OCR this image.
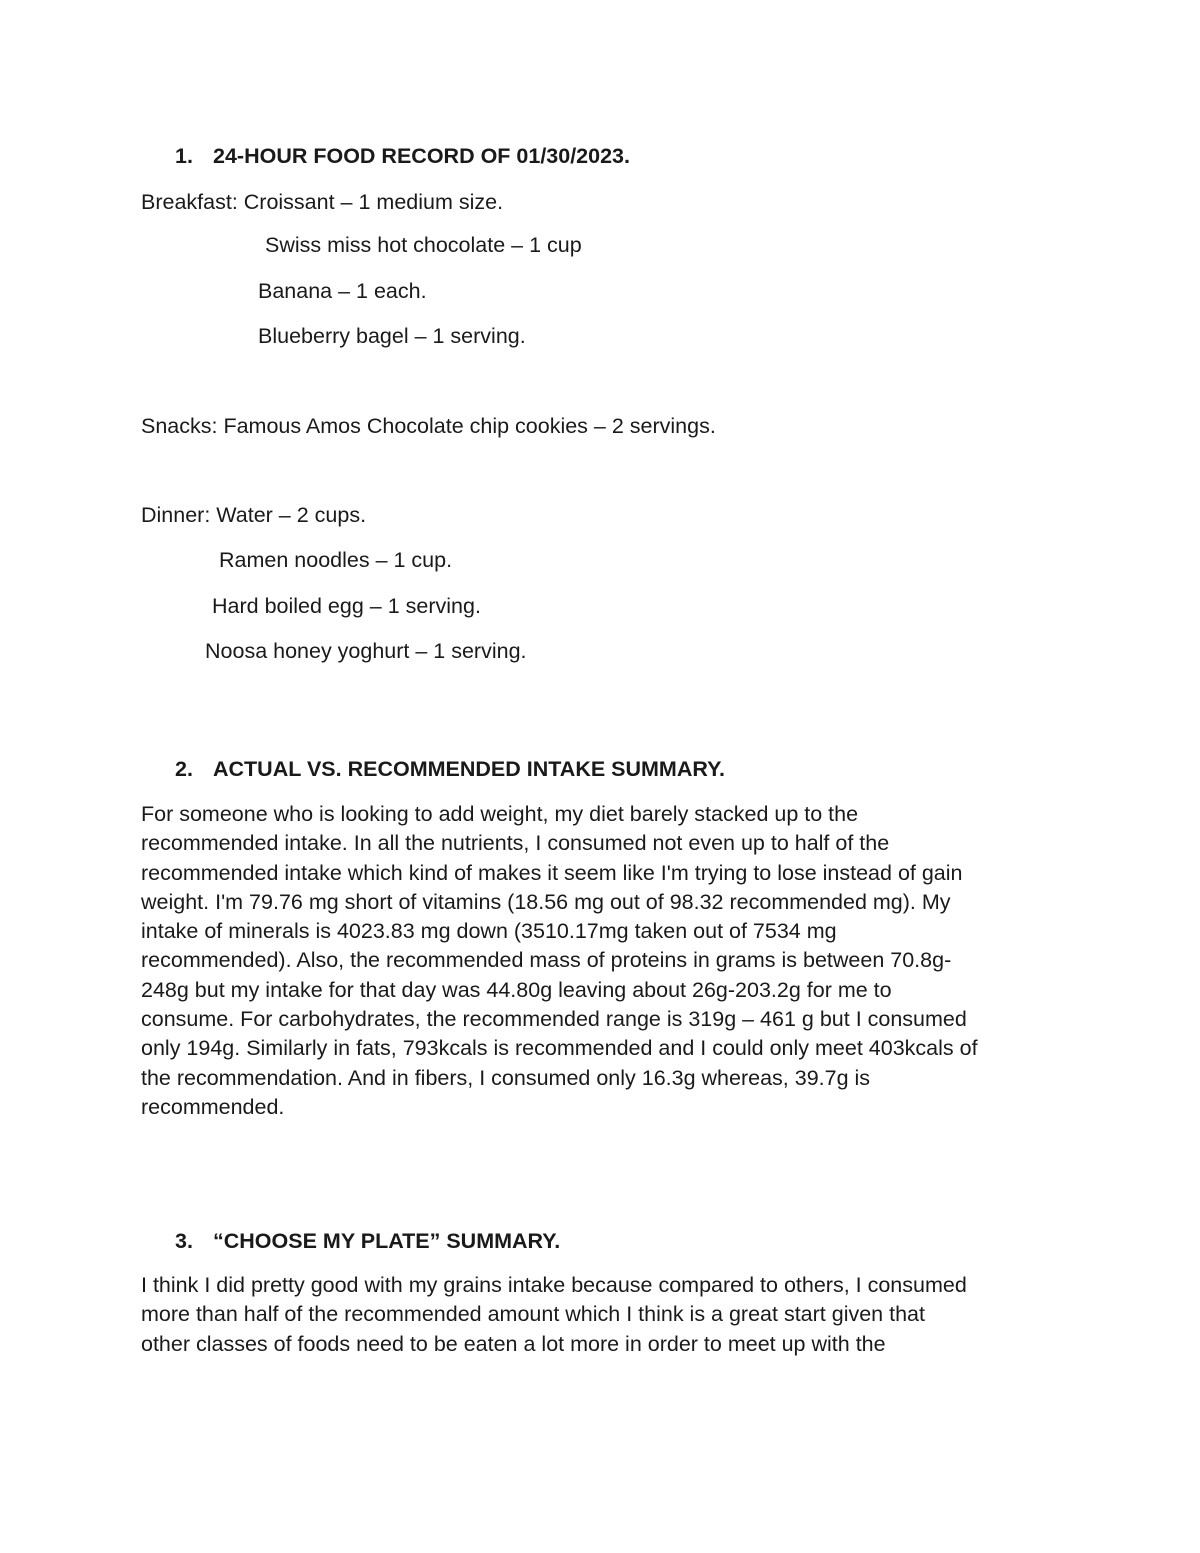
1. 24-HOUR FOOD RECORD OF 01/30/2023.
Breakfast: Croissant – 1 medium size.
Swiss miss hot chocolate – 1 cup
Banana – 1 each.
Blueberry bagel – 1 serving.
Snacks: Famous Amos Chocolate chip cookies – 2 servings.
Dinner: Water – 2 cups.
Ramen noodles – 1 cup.
Hard boiled egg – 1 serving.
Noosa honey yoghurt – 1 serving.
2. ACTUAL VS. RECOMMENDED INTAKE SUMMARY.
For someone who is looking to add weight, my diet barely stacked up to the
recommended intake. In all the nutrients, I consumed not even up to half of the
recommended intake which kind of makes it seem like I'm trying to lose instead of gain
weight. I'm 79.76 mg short of vitamins (18.56 mg out of 98.32 recommended mg). My
intake of minerals is 4023.83 mg down (3510.17mg taken out of 7534 mg
recommended). Also, the recommended mass of proteins in grams is between 70.8g-
248g but my intake for that day was 44.80g leaving about 26g-203.2g for me to
consume. For carbohydrates, the recommended range is 319g – 461 g but I consumed
only 194g. Similarly in fats, 793kcals is recommended and I could only meet 403kcals of
the recommendation. And in fibers, I consumed only 16.3g whereas, 39.7g is
recommended.
3. “CHOOSE MY PLATE” SUMMARY.
I think I did pretty good with my grains intake because compared to others, I consumed
more than half of the recommended amount which I think is a great start given that
other classes of foods need to be eaten a lot more in order to meet up with the
